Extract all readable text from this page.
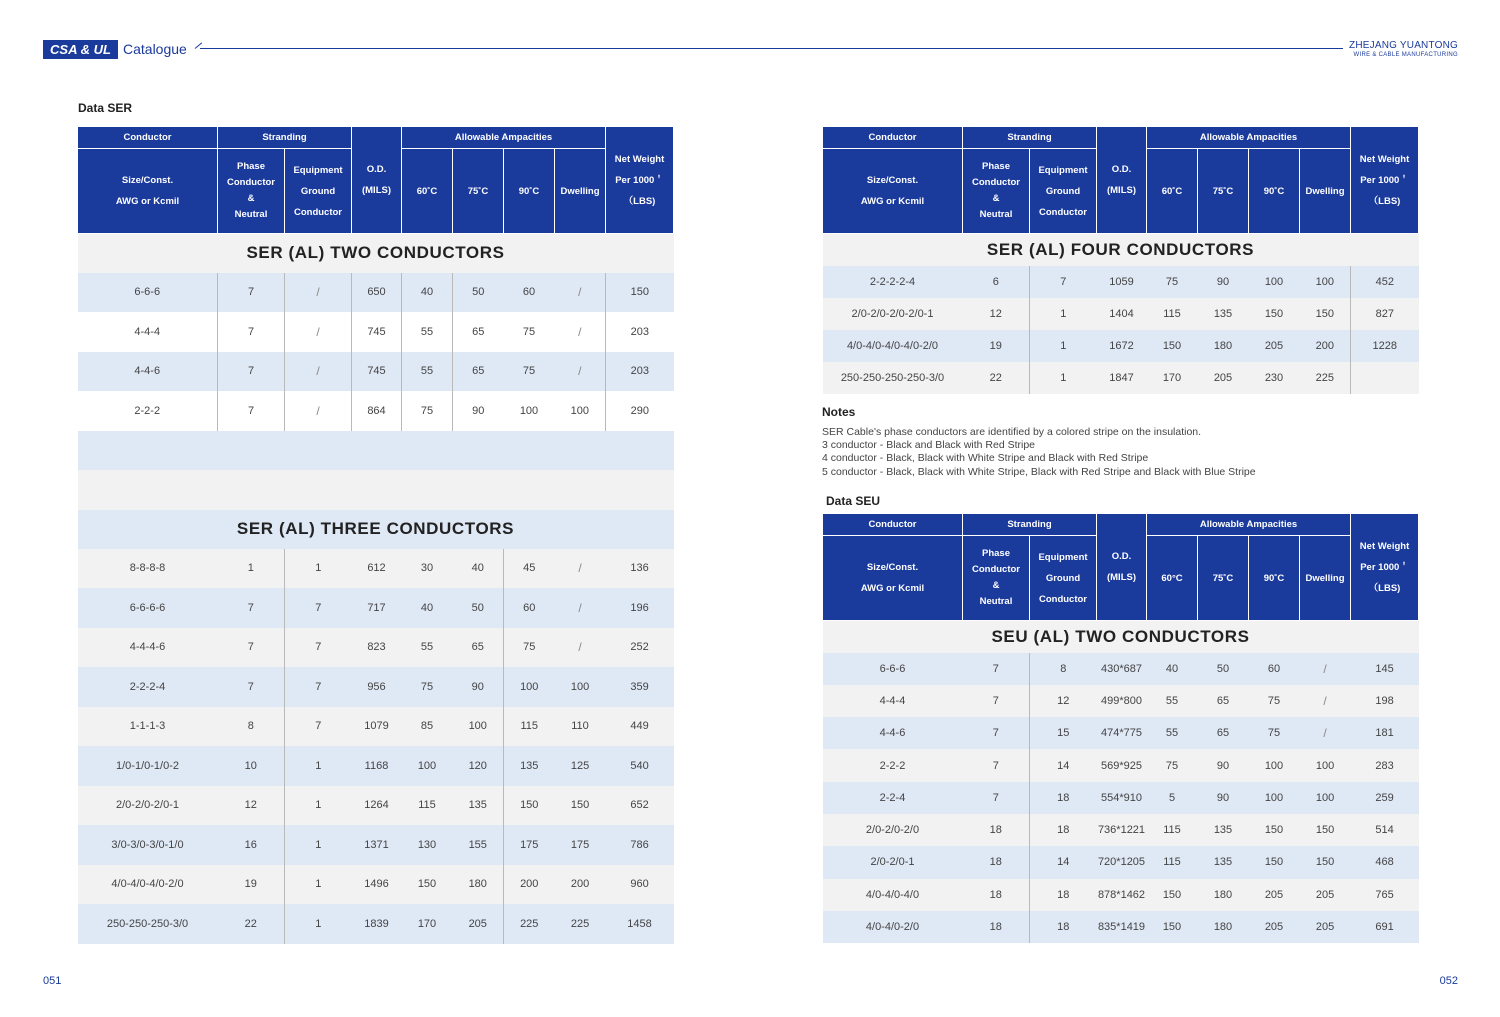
CSA & UL Catalogue	ZHEJANG YUANTONG
WIRE & CABLE MANUFACTURING
Data SER
Data SEU
Conductor	Stranding		O.D.
(MILS)	Allowable Ampacities				Net Weight
Per 1000＇
（LBS)
Size/Const.
AWG or Kcmil	Phase
Conductor
&
Neutral	Equipment
Ground
Conductor		60˚C	75˚C	90˚C	Dwelling	
SER (AL) TWO CONDUCTORS								
6-6-6	7	/	650	40	50	60	/	150
4-4-4	7	/	745	55	65	75	/	203
4-4-6	7	/	745	55	65	75	/	203
2-2-2	7	/	864	75	90	100	100	290

SER (AL) THREE CONDUCTORS								
8-8-8-8	1	1	612	30	40	45	/	136
6-6-6-6	7	7	717	40	50	60	/	196
4-4-4-6	7	7	823	55	65	75	/	252
2-2-2-4	7	7	956	75	90	100	100	359
1-1-1-3	8	7	1079	85	100	115	110	449
1/0-1/0-1/0-2	10	1	1168	100	120	135	125	540
2/0-2/0-2/0-1	12	1	1264	115	135	150	150	652
3/0-3/0-3/0-1/0	16	1	1371	130	155	175	175	786
4/0-4/0-4/0-2/0	19	1	1496	150	180	200	200	960
250-250-250-3/0	22	1	1839	170	205	225	225	1458
Conductor	Stranding		O.D.
(MILS)	Allowable Ampacities				Net Weight
Per 1000＇
（LBS)
Size/Const.
AWG or Kcmil	Phase
Conductor
&
Neutral	Equipment
Ground
Conductor		60˚C	75˚C	90˚C	Dwelling	
SER (AL) FOUR CONDUCTORS								
2-2-2-2-4	6	7	1059	75	90	100	100	452
2/0-2/0-2/0-2/0-1	12	1	1404	115	135	150	150	827
4/0-4/0-4/0-4/0-2/0	19	1	1672	150	180	205	200	1228
250-250-250-250-3/0	22	1	1847	170	205	230	225	
Notes
SER Cable's phase conductors are identified by a colored stripe on the insulation.
3 conductor - Black and Black with Red Stripe
4 conductor - Black, Black with White Stripe and Black with Red Stripe
5 conductor - Black, Black with White Stripe, Black with Red Stripe and Black with Blue Stripe
Conductor	Stranding		O.D.
(MILS)	Allowable Ampacities				Net Weight
Per 1000＇
（LBS)
Size/Const.
AWG or Kcmil	Phase
Conductor
&
Neutral	Equipment
Ground
Conductor		60°C	75˚C	90˚C	Dwelling	
SEU (AL) TWO CONDUCTORS								
6-6-6	7	8	430*687	40	50	60	/	145
4-4-4	7	12	499*800	55	65	75	/	198
4-4-6	7	15	474*775	55	65	75	/	181
2-2-2	7	14	569*925	75	90	100	100	283
2-2-4	7	18	554*910	5	90	100	100	259
2/0-2/0-2/0	18	18	736*1221	115	135	150	150	514
2/0-2/0-1	18	14	720*1205	115	135	150	150	468
4/0-4/0-4/0	18	18	878*1462	150	180	205	205	765
4/0-4/0-2/0	18	18	835*1419	150	180	205	205	691
051	052
